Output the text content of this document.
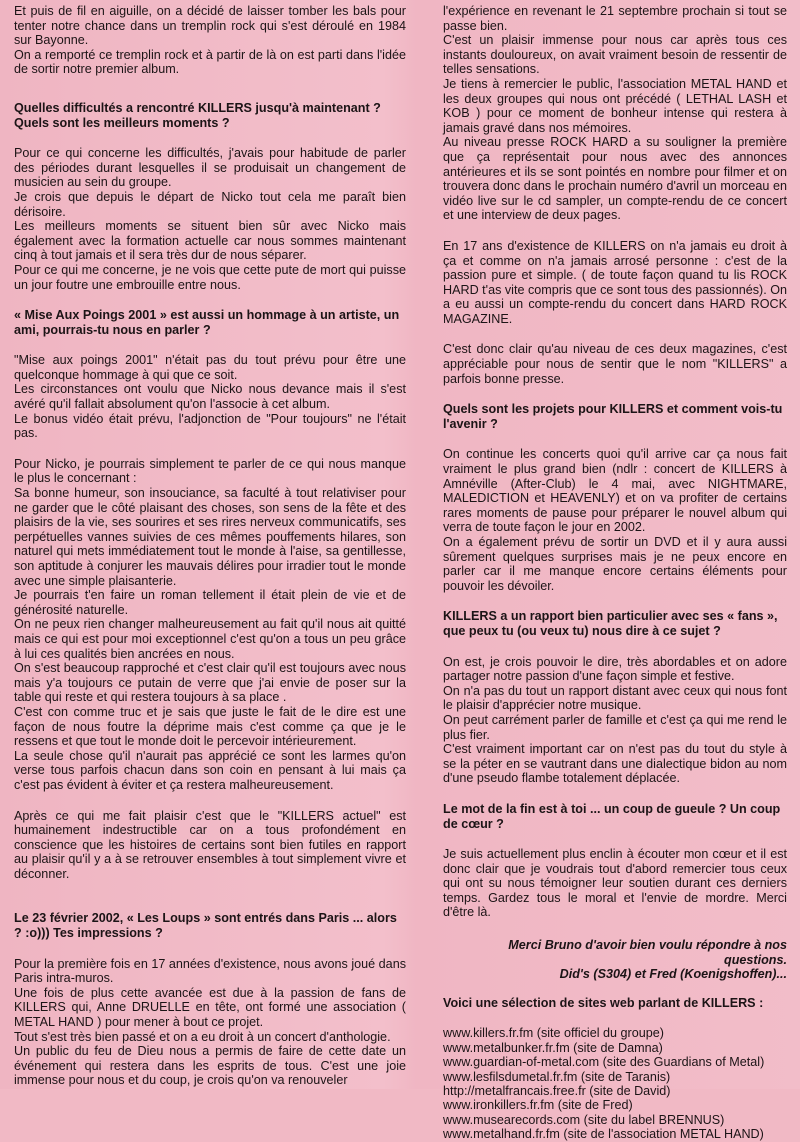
Et puis de fil en aiguille, on a décidé de laisser tomber les bals pour tenter notre chance dans un tremplin rock qui s'est déroulé en 1984 sur Bayonne.

On a remporté ce tremplin rock et à partir de là on est parti dans l'idée de sortir notre premier album.

Quelles difficultés a rencontré KILLERS jusqu'à maintenant ? Quels sont les meilleurs moments ?

Pour ce qui concerne les difficultés, j'avais pour habitude de parler des périodes durant lesquelles il se produisait un changement de musicien au sein du groupe.

Je crois que depuis le départ de Nicko tout cela me paraît bien dérisoire.

Les meilleurs moments se situent bien sûr avec Nicko mais également avec la formation actuelle car nous sommes maintenant cinq à tout jamais et il sera très dur de nous séparer.

Pour ce qui me concerne, je ne vois que cette pute de mort qui puisse un jour foutre une embrouille entre nous.

« Mise Aux Poings 2001 » est aussi un hommage à un artiste, un ami, pourrais-tu nous en parler ?

"Mise aux poings 2001" n'était pas du tout prévu pour être une quelconque hommage à qui que ce soit.

Les circonstances ont voulu que Nicko nous devance mais il s'est avéré qu'il fallait absolument qu'on l'associe à cet album.

Le bonus vidéo était prévu, l'adjonction de "Pour toujours" ne l'était pas.

Pour Nicko, je pourrais simplement te parler de ce qui nous manque le plus le concernant :

Sa bonne humeur, son insouciance, sa faculté à tout relativiser pour ne garder que le côté plaisant des choses, son sens de la fête et des plaisirs de la vie, ses sourires et ses rires nerveux communicatifs, ses perpétuelles vannes suivies de ces mêmes pouffements hilares, son naturel qui mets immédiatement tout le monde à l'aise, sa gentillesse, son aptitude à conjurer les mauvais délires pour irradier tout le monde avec une simple plaisanterie.

Je pourrais t'en faire un roman tellement il était plein de vie et de générosité naturelle.

On ne peux rien changer malheureusement au fait qu'il nous ait quitté mais ce qui est pour moi exceptionnel c'est qu'on a tous un peu grâce à lui ces qualités bien ancrées en nous.

On s'est beaucoup rapproché et c'est clair qu'il est toujours avec nous mais y'a toujours ce putain de verre que j'ai envie de poser sur la table qui reste et qui restera toujours à sa place .

C'est con comme truc et je sais que juste le fait de le dire est une façon de nous foutre la déprime mais c'est comme ça que je le ressens et que tout le monde doit le percevoir intérieurement.

La seule chose qu'il n'aurait pas apprécié ce sont les larmes qu'on verse tous parfois chacun dans son coin en pensant à lui mais ça c'est pas évident à éviter et ça restera malheureusement.

Après ce qui me fait plaisir c'est que le "KILLERS actuel" est humainement indestructible car on a tous profondément en conscience que les histoires de certains sont bien futiles en rapport au plaisir qu'il y a à se retrouver ensembles à tout simplement vivre et déconner.

Le 23 février 2002, « Les Loups » sont entrés dans Paris ... alors ? :o))) Tes impressions ?

Pour la première fois en 17 années d'existence, nous avons joué dans Paris intra-muros.

Une fois de plus cette avancée est due à la passion de fans de KILLERS qui, Anne DRUELLE en tête, ont formé une association ( METAL HAND ) pour mener à bout ce projet.

Tout s'est très bien passé et on a eu droit à un concert d'anthologie.

Un public du feu de Dieu nous a permis de faire de cette date un événement qui restera dans les esprits de tous. C'est une joie immense pour nous et du coup, je crois qu'on va renouveler

l'expérience en revenant le 21 septembre prochain si tout se passe bien.

C'est un plaisir immense pour nous car après tous ces instants douloureux, on avait vraiment besoin de ressentir de telles sensations.

Je tiens à remercier le public, l'association METAL HAND et les deux groupes qui nous ont précédé ( LETHAL LASH et KOB ) pour ce moment de bonheur intense qui restera à jamais gravé dans nos mémoires.

Au niveau presse ROCK HARD a su souligner la première que ça représentait pour nous avec des annonces antérieures et ils se sont pointés en nombre pour filmer et on trouvera donc dans le prochain numéro d'avril un morceau en vidéo live sur le cd sampler, un compte-rendu de ce concert et une interview de deux pages.

En 17 ans d'existence de KILLERS on n'a jamais eu droit à ça et comme on n'a jamais arrosé personne : c'est de la passion pure et simple. ( de toute façon quand tu lis ROCK HARD t'as vite compris que ce sont tous des passionnés). On a eu aussi un compte-rendu du concert dans HARD ROCK MAGAZINE.

C'est donc clair qu'au niveau de ces deux magazines, c'est appréciable pour nous de sentir que le nom "KILLERS" a parfois bonne presse.

Quels sont les projets pour KILLERS et comment vois-tu l'avenir ?

On continue les concerts quoi qu'il arrive car ça nous fait vraiment le plus grand bien (ndlr : concert de KILLERS à Amnéville (After-Club) le 4 mai, avec NIGHTMARE, MALEDICTION et HEAVENLY) et on va profiter de certains rares moments de pause pour préparer le nouvel album qui verra de toute façon le jour en 2002.

On a également prévu de sortir un DVD et il y aura aussi sûrement quelques surprises mais je ne peux encore en parler car il me manque encore certains éléments pour pouvoir les dévoiler.

KILLERS a un rapport bien particulier avec ses « fans », que peux tu (ou veux tu) nous dire à ce sujet ?

On est, je crois pouvoir le dire, très abordables et on adore partager notre passion d'une façon simple et festive.

On n'a pas du tout un rapport distant avec ceux qui nous font le plaisir d'apprécier notre musique.

On peut carrément parler de famille et c'est ça qui me rend le plus fier.

C'est vraiment important car on n'est pas du tout du style à se la péter en se vautrant dans une dialectique bidon au nom d'une pseudo flambe totalement déplacée.

Le mot de la fin est à toi ... un coup de gueule ? Un coup de cœur ?

Je suis actuellement plus enclin à écouter mon cœur et il est donc clair que je voudrais tout d'abord remercier tous ceux qui ont su nous témoigner leur soutien durant ces derniers temps. Gardez tous le moral et l'envie de mordre. Merci d'être là.

Merci Bruno d'avoir bien voulu répondre à nos questions.

Did's (S304) et Fred (Koenigshoffen)...

Voici une sélection de sites web parlant de KILLERS :
www.killers.fr.fm (site officiel du groupe)
www.metalbunker.fr.fm (site de Damna)
www.guardian-of-metal.com (site des Guardians of Metal)
www.lesfilsdumetal.fr.fm (site de Taranis)
http://metalfrancais.free.fr (site de David)
www.ironkillers.fr.fm (site de Fred)
www.musearecords.com (site du label BRENNUS)
www.metalhand.fr.fm (site de l'association METAL HAND)
